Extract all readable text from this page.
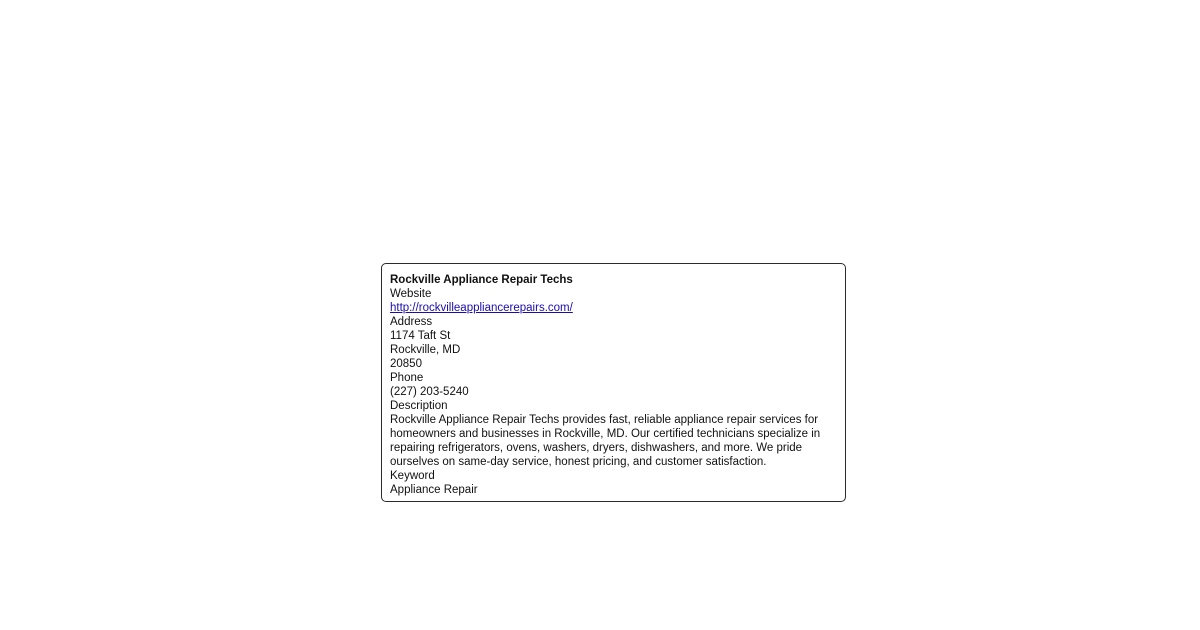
Rockville Appliance Repair Techs
Website
http://rockvilleappliancerepairs.com/
Address
1174 Taft St
Rockville, MD
20850
Phone
(227) 203-5240
Description
Rockville Appliance Repair Techs provides fast, reliable appliance repair services for homeowners and businesses in Rockville, MD. Our certified technicians specialize in repairing refrigerators, ovens, washers, dryers, dishwashers, and more. We pride ourselves on same-day service, honest pricing, and customer satisfaction.
Keyword
Appliance Repair
